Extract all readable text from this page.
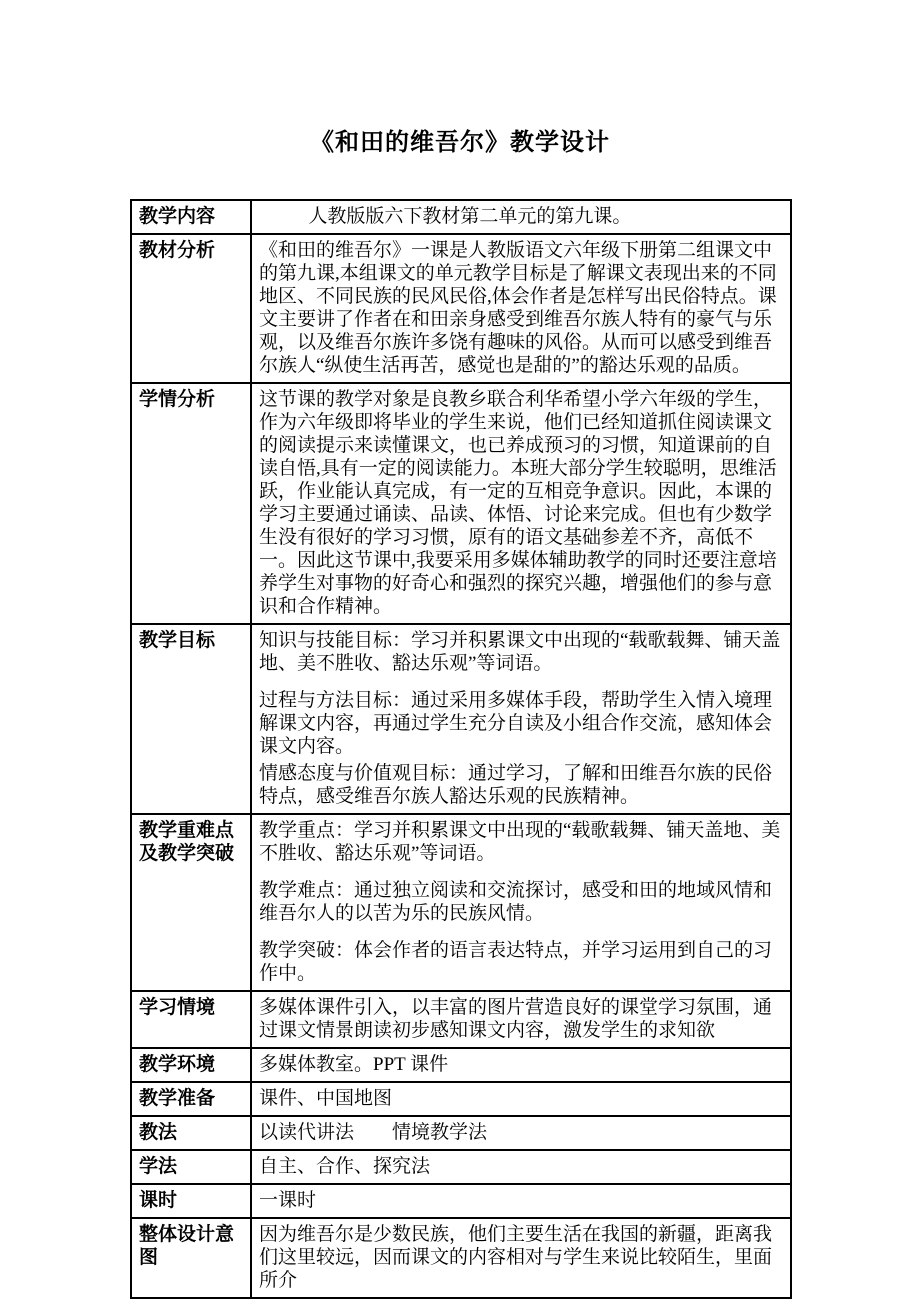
《和田的维吾尔》教学设计
教学内容	人教版版六下教材第二单元的第九课。

教材分析	《和田的维吾尔》一课是人教版语文六年级下册第二组课文中的第九课,本组课文的单元教学目标是了解课文表现出来的不同地区、不同民族的民风民俗,体会作者是怎样写出民俗特点。课文主要讲了作者在和田亲身感受到维吾尔族人特有的豪气与乐观，以及维吾尔族许多饶有趣味的风俗。从而可以感受到维吾尔族人“纵使生活再苦，感觉也是甜的”的豁达乐观的品质。

学情分析	这节课的教学对象是良教乡联合利华希望小学六年级的学生，作为六年级即将毕业的学生来说，他们已经知道抓住阅读课文的阅读提示来读懂课文，也已养成预习的习惯，知道课前的自读自悟,具有一定的阅读能力。本班大部分学生较聪明，思维活跃，作业能认真完成，有一定的互相竞争意识。因此，本课的学习主要通过诵读、品读、体悟、讨论来完成。但也有少数学生没有很好的学习习惯，原有的语文基础参差不齐，高低不一。因此这节课中,我要采用多媒体辅助教学的同时还要注意培养学生对事物的好奇心和强烈的探究兴趣，增强他们的参与意识和合作精神。

教学目标	知识与技能目标：学习并积累课文中出现的“载歌载舞、铺天盖地、美不胜收、豁达乐观”等词语。

过程与方法目标：通过采用多媒体手段，帮助学生入情入境理解课文内容，再通过学生充分自读及小组合作交流，感知体会课文内容。

情感态度与价值观目标：通过学习，了解和田维吾尔族的民俗特点，感受维吾尔族人豁达乐观的民族精神。

教学重难点及教学突破	教学重点：学习并积累课文中出现的“载歌载舞、铺天盖地、美不胜收、豁达乐观”等词语。

教学难点：通过独立阅读和交流探讨，感受和田的地域风情和维吾尔人的以苦为乐的民族风情。

教学突破：体会作者的语言表达特点，并学习运用到自己的习作中。

学习情境	多媒体课件引入，以丰富的图片营造良好的课堂学习氛围，通过课文情景朗读初步感知课文内容，激发学生的求知欲

教学环境	多媒体教室。PPT 课件

教学准备	课件、中国地图

教法	以读代讲法　　情境教学法

学法	自主、合作、探究法

课时	一课时

整体设计意图	因为维吾尔是少数民族，他们主要生活在我国的新疆，距离我们这里较远，因而课文的内容相对与学生来说比较陌生，里面所介
